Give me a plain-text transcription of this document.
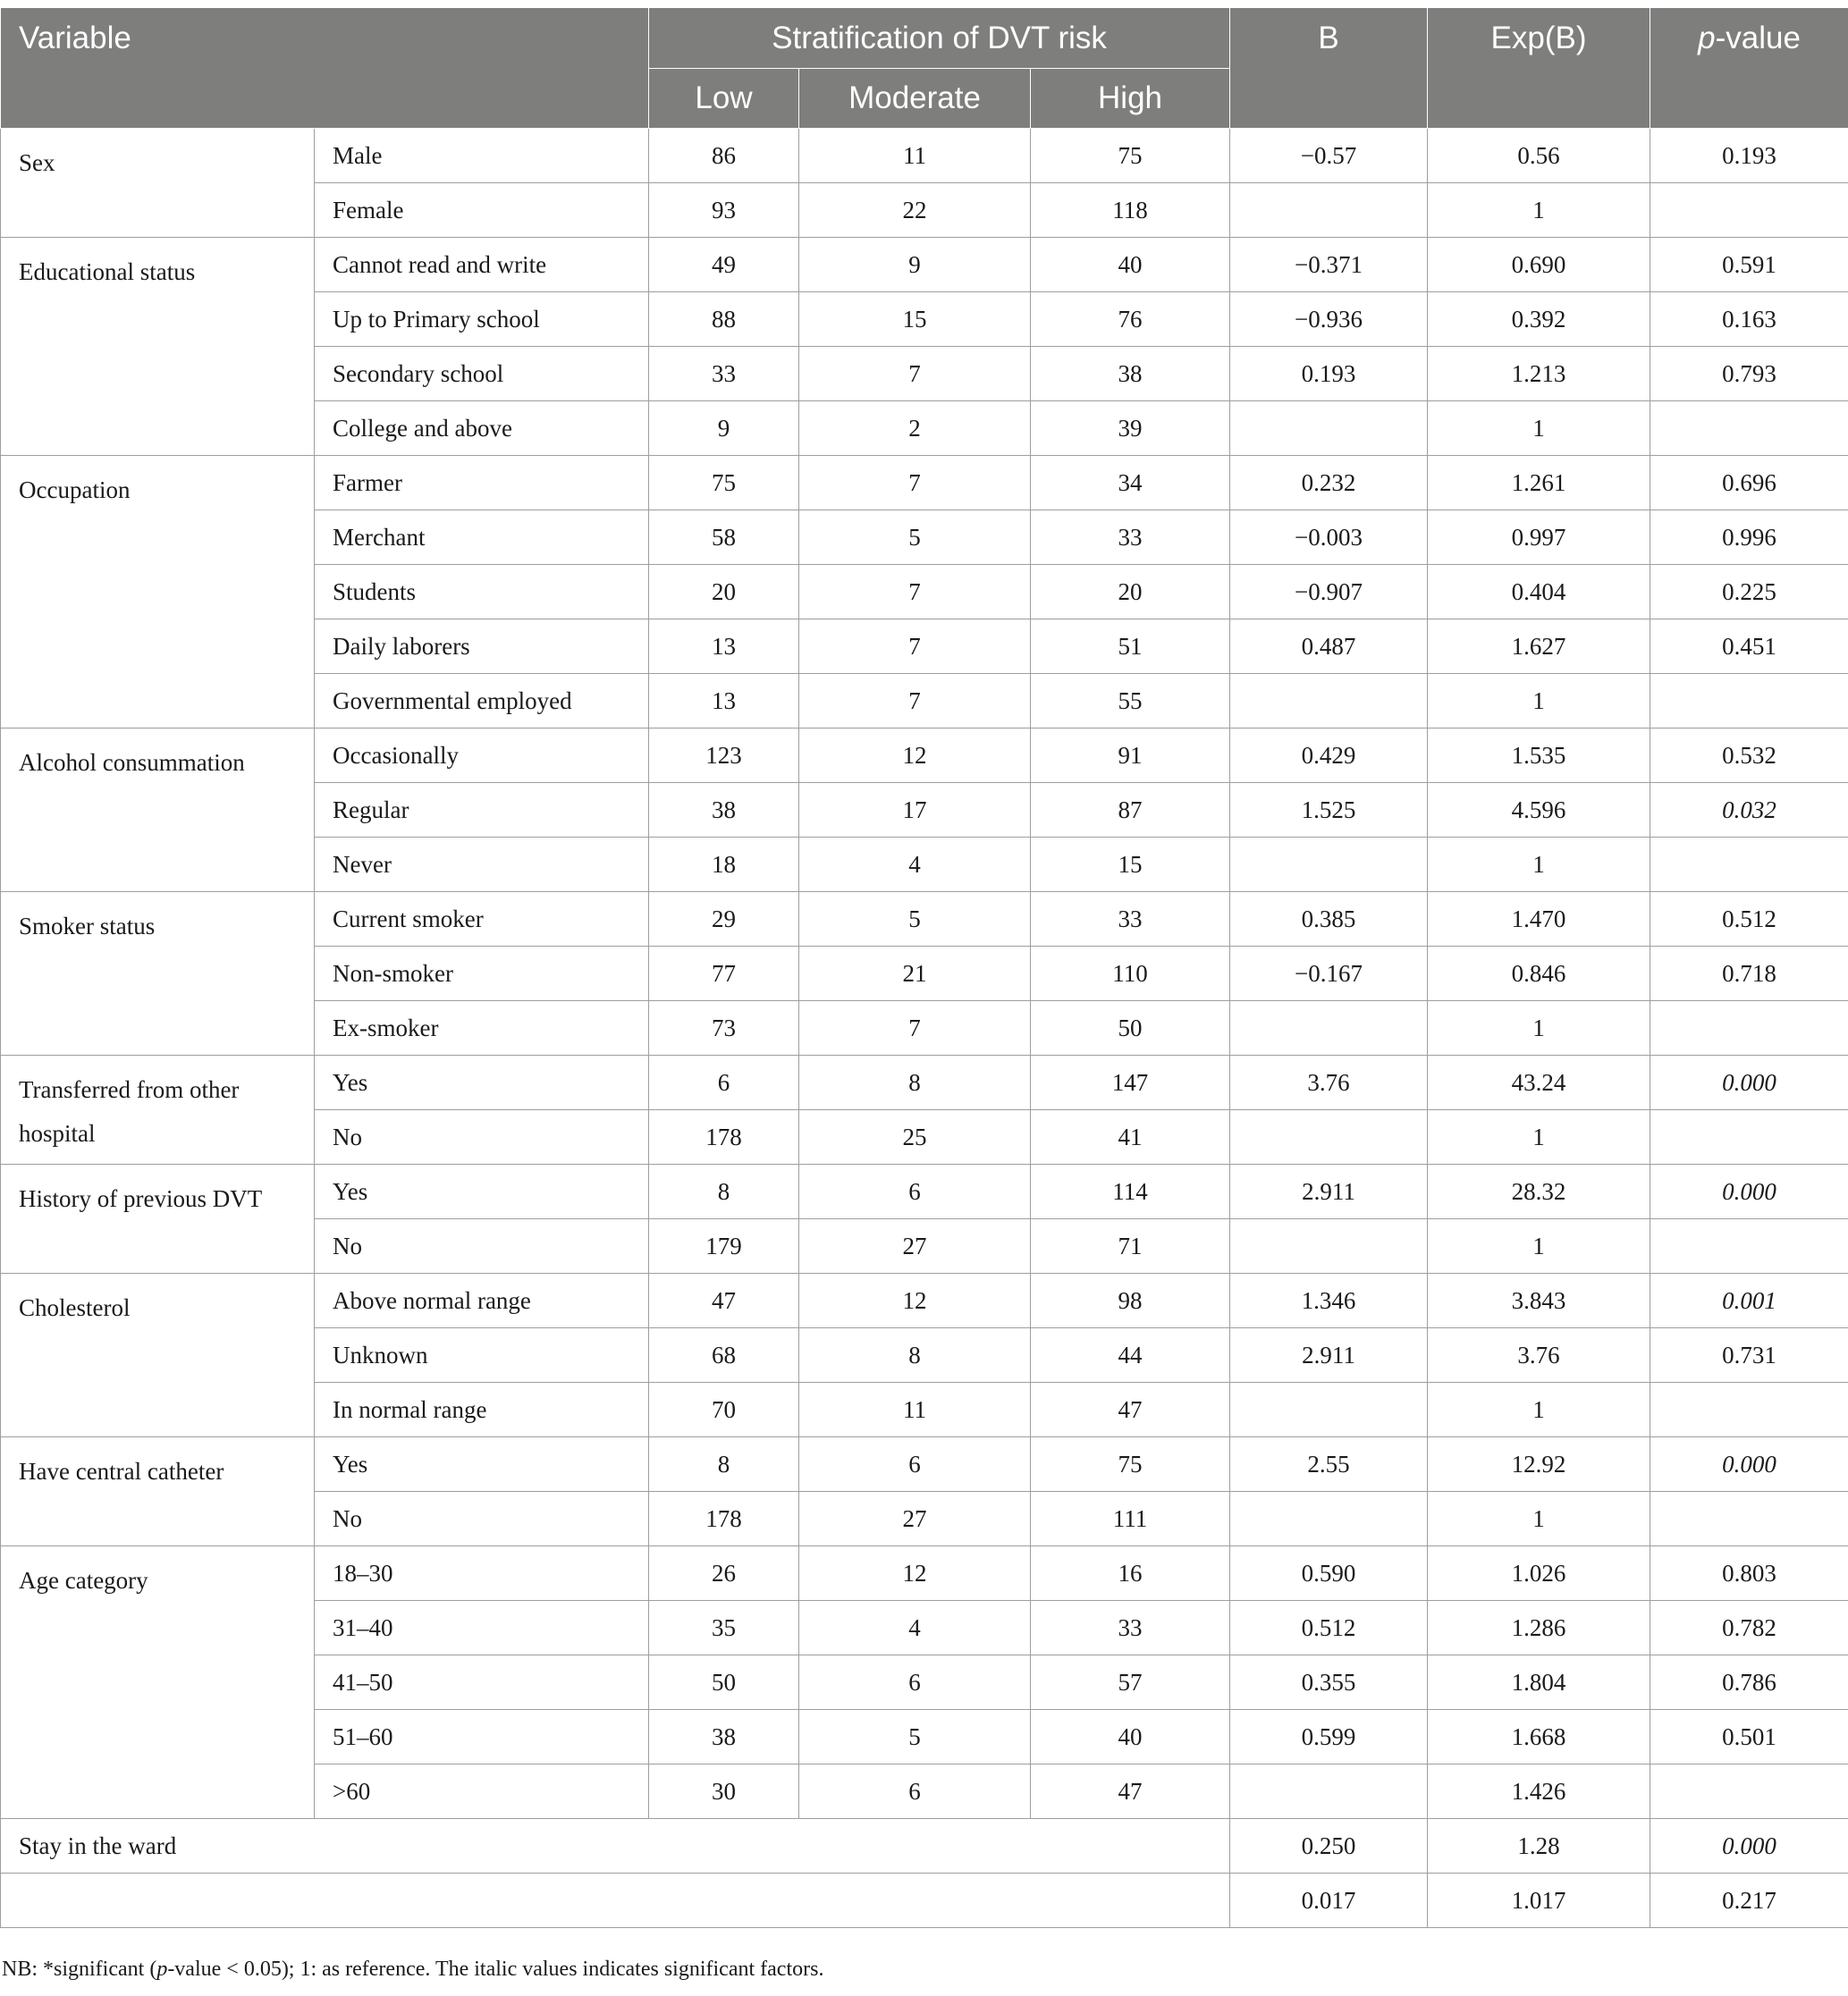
Variable		Stratification of DVT risk			B	Exp(B)	p-value
		Low	Moderate	High			
Sex	Male	86	11	75	−0.57	0.56	0.193
	Female	93	22	118		1	
Educational status	Cannot read and write	49	9	40	−0.371	0.690	0.591
	Up to Primary school	88	15	76	−0.936	0.392	0.163
	Secondary school	33	7	38	0.193	1.213	0.793
	College and above	9	2	39		1	
Occupation	Farmer	75	7	34	0.232	1.261	0.696
	Merchant	58	5	33	−0.003	0.997	0.996
	Students	20	7	20	−0.907	0.404	0.225
	Daily laborers	13	7	51	0.487	1.627	0.451
	Governmental employed	13	7	55		1	
Alcohol consummation	Occasionally	123	12	91	0.429	1.535	0.532
	Regular	38	17	87	1.525	4.596	0.032
	Never	18	4	15		1	
Smoker status	Current smoker	29	5	33	0.385	1.470	0.512
	Non-smoker	77	21	110	−0.167	0.846	0.718
	Ex-smoker	73	7	50		1	
Transferred from other hospital	Yes	6	8	147	3.76	43.24	0.000
	No	178	25	41		1	
History of previous DVT	Yes	8	6	114	2.911	28.32	0.000
	No	179	27	71		1	
Cholesterol	Above normal range	47	12	98	1.346	3.843	0.001
	Unknown	68	8	44	2.911	3.76	0.731
	In normal range	70	11	47		1	
Have central catheter	Yes	8	6	75	2.55	12.92	0.000
	No	178	27	111		1	
Age category	18–30	26	12	16	0.590	1.026	0.803
	31–40	35	4	33	0.512	1.286	0.782
	41–50	50	6	57	0.355	1.804	0.786
	51–60	38	5	40	0.599	1.668	0.501
	>60	30	6	47		1.426	
Stay in the ward					0.250	1.28	0.000
					0.017	1.017	0.217
NB: *significant (p-value < 0.05); 1: as reference. The italic values indicates significant factors.
